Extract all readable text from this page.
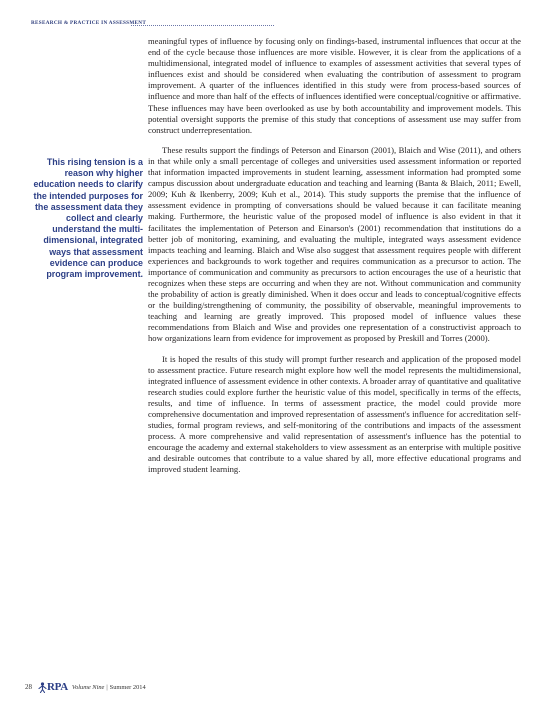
RESEARCH & PRACTICE IN ASSESSMENT
This rising tension is a reason why higher education needs to clarify the intended purposes for the assessment data they collect and clearly understand the multi-dimensional, integrated ways that assessment evidence can produce program improvement.

meaningful types of influence by focusing only on findings-based, instrumental influences that occur at the end of the cycle because those influences are more visible. However, it is clear from the applications of a multidimensional, integrated model of influence to examples of assessment activities that several types of influences exist and should be considered when evaluating the contribution of assessment to program improvement. A quarter of the influences identified in this study were from process-based sources of influence and more than half of the effects of influences identified were conceptual/cognitive or affirmative. These influences may have been overlooked as use by both accountability and improvement models. This potential oversight supports the premise of this study that conceptions of assessment use may suffer from construct underrepresentation.

These results support the findings of Peterson and Einarson (2001), Blaich and Wise (2011), and others in that while only a small percentage of colleges and universities used assessment information or reported that information impacted improvements in student learning, assessment information had prompted some campus discussion about undergraduate education and teaching and learning (Banta & Blaich, 2011; Ewell, 2009; Kuh & Ikenberry, 2009; Kuh et al., 2014). This study supports the premise that the influence of assessment evidence in prompting of conversations should be valued because it can facilitate meaning making. Furthermore, the heuristic value of the proposed model of influence is also evident in that it facilitates the implementation of Peterson and Einarson's (2001) recommendation that institutions do a better job of monitoring, examining, and evaluating the multiple, integrated ways assessment evidence impacts teaching and learning. Blaich and Wise also suggest that assessment requires people with different experiences and backgrounds to work together and requires communication as a precursor to action. The importance of communication and community as precursors to action encourages the use of a heuristic that recognizes when these steps are occurring and when they are not. Without communication and community the probability of action is greatly diminished. When it does occur and leads to conceptual/cognitive effects or the building/strengthening of community, the possibility of observable, meaningful improvements to teaching and learning are greatly improved. This proposed model of influence values these recommendations from Blaich and Wise and provides one representation of a constructivist approach to how organizations learn from evidence for improvement as proposed by Preskill and Torres (2000).

It is hoped the results of this study will prompt further research and application of the proposed model to assessment practice. Future research might explore how well the model represents the multidimensional, integrated influence of assessment evidence in other contexts. A broader array of quantitative and qualitative research studies could explore further the heuristic value of this model, specifically in terms of the effects, results, and time of influence. In terms of assessment practice, the model could provide more comprehensive documentation and improved representation of assessment's influence for accreditation self-studies, formal program reviews, and self-monitoring of the contributions and impacts of the assessment process. A more comprehensive and valid representation of assessment's influence has the potential to encourage the academy and external stakeholders to view assessment as an enterprise with multiple positive and desirable outcomes that contribute to a value shared by all, more effective educational programs and improved student learning.

28 RPA Volume Nine | Summer 2014
